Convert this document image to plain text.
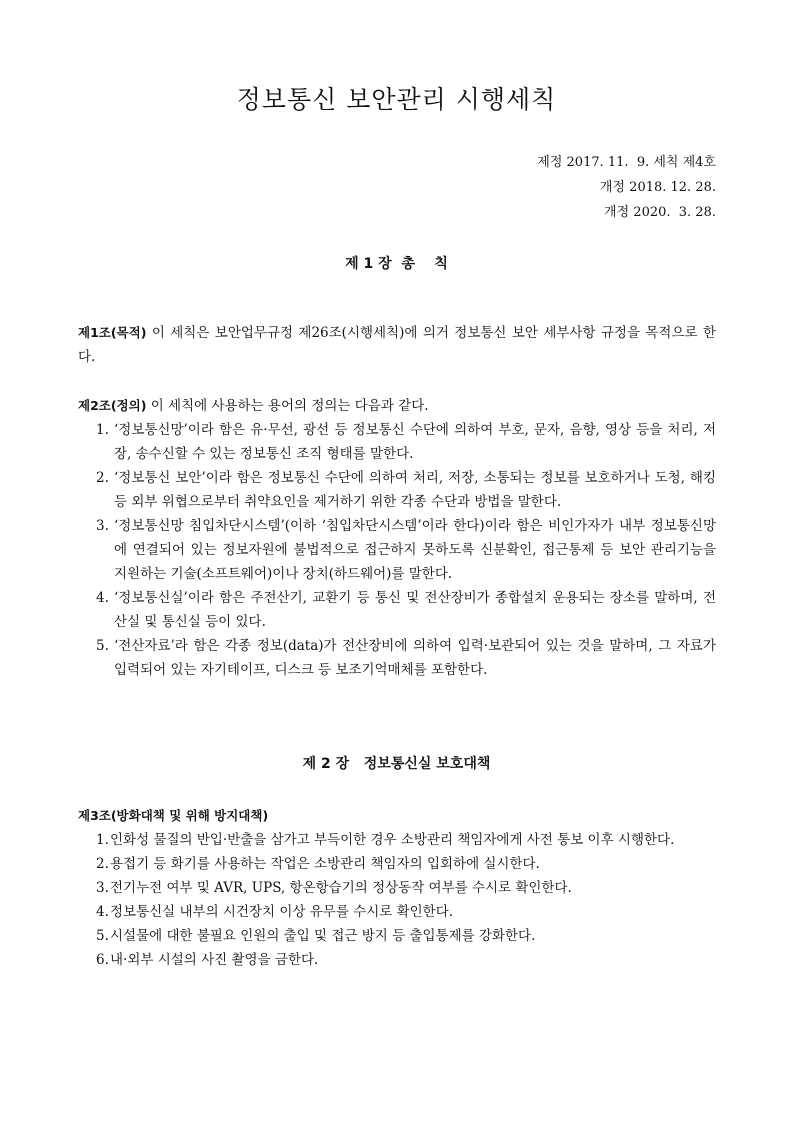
정보통신 보안관리 시행세칙
제정 2017. 11.  9. 세칙 제4호
개정 2018. 12. 28.
개정 2020.  3. 28.
제 1 장  총    칙
제1조(목적) 이 세칙은 보안업무규정 제26조(시행세칙)에 의거 정보통신 보안 세부사항 규정을 목적으로 한다.
제2조(정의) 이 세칙에 사용하는 용어의 정의는 다음과 같다.
1. ‘정보통신망’이라 함은 유·무선, 광선 등 정보통신 수단에 의하여 부호, 문자, 음향, 영상 등을 처리, 저장, 송수신할 수 있는 정보통신 조직 형태를 말한다.
2. ‘정보통신 보안’이라 함은 정보통신 수단에 의하여 처리, 저장, 소통되는 정보를 보호하거나 도청, 해킹 등 외부 위협으로부터 취약요인을 제거하기 위한 각종 수단과 방법을 말한다.
3. ‘정보통신망 침입차단시스템’(이하 ‘침입차단시스템’이라 한다)이라 함은 비인가자가 내부 정보통신망에 연결되어 있는 정보자원에 불법적으로 접근하지 못하도록 신분확인, 접근통제 등 보안 관리기능을 지원하는 기술(소프트웨어)이나 장치(하드웨어)를 말한다.
4. ‘정보통신실’이라 함은 주전산기, 교환기 등 통신 및 전산장비가 종합설치 운용되는 장소를 말하며, 전산실 및 통신실 등이 있다.
5. ‘전산자료’라 함은 각종 정보(data)가 전산장비에 의하여 입력·보관되어 있는 것을 말하며, 그 자료가 입력되어 있는 자기테이프, 디스크 등 보조기억매체를 포함한다.
제 2 장   정보통신실 보호대책
제3조(방화대책 및 위해 방지대책)
1. 인화성 물질의 반입·반출을 삼가고 부득이한 경우 소방관리 책임자에게 사전 통보 이후 시행한다.
2. 용접기 등 화기를 사용하는 작업은 소방관리 책임자의 입회하에 실시한다.
3. 전기누전 여부 및 AVR, UPS, 항온항습기의 정상동작 여부를 수시로 확인한다.
4. 정보통신실 내부의 시건장치 이상 유무를 수시로 확인한다.
5. 시설물에 대한 불필요 인원의 출입 및 접근 방지 등 출입통제를 강화한다.
6. 내·외부 시설의 사진 촬영을 금한다.
